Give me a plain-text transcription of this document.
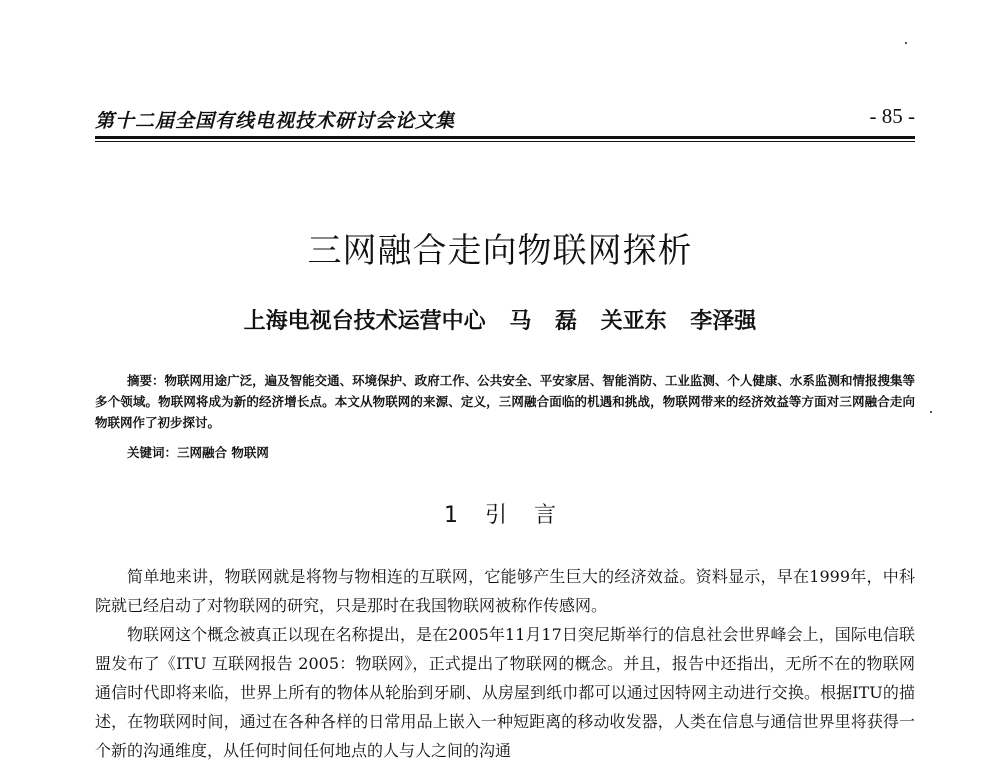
第十二届全国有线电视技术研讨会论文集	- 85 -
三网融合走向物联网探析
上海电视台技术运营中心 马 磊 关亚东 李泽强
摘要：物联网用途广泛，遍及智能交通、环境保护、政府工作、公共安全、平安家居、智能消防、工业监测、个人健康、水系监测和情报搜集等多个领域。物联网将成为新的经济增长点。本文从物联网的来源、定义，三网融合面临的机遇和挑战，物联网带来的经济效益等方面对三网融合走向物联网作了初步探讨。
关键词：三网融合 物联网
1 引 言

简单地来讲，物联网就是将物与物相连的互联网，它能够产生巨大的经济效益。资料显示，早在1999年，中科院就已经启动了对物联网的研究，只是那时在我国物联网被称作传感网。

物联网这个概念被真正以现在名称提出，是在2005年11月17日突尼斯举行的信息社会世界峰会上，国际电信联盟发布了《ITU 互联网报告 2005：物联网》，正式提出了物联网的概念。并且，报告中还指出，无所不在的物联网通信时代即将来临，世界上所有的物体从轮胎到牙刷、从房屋到纸巾都可以通过因特网主动进行交换。根据ITU的描述，在物联网时间，通过在各种各样的日常用品上嵌入一种短距离的移动收发器，人类在信息与通信世界里将获得一个新的沟通维度，从任何时间任何地点的人与人之间的沟通
